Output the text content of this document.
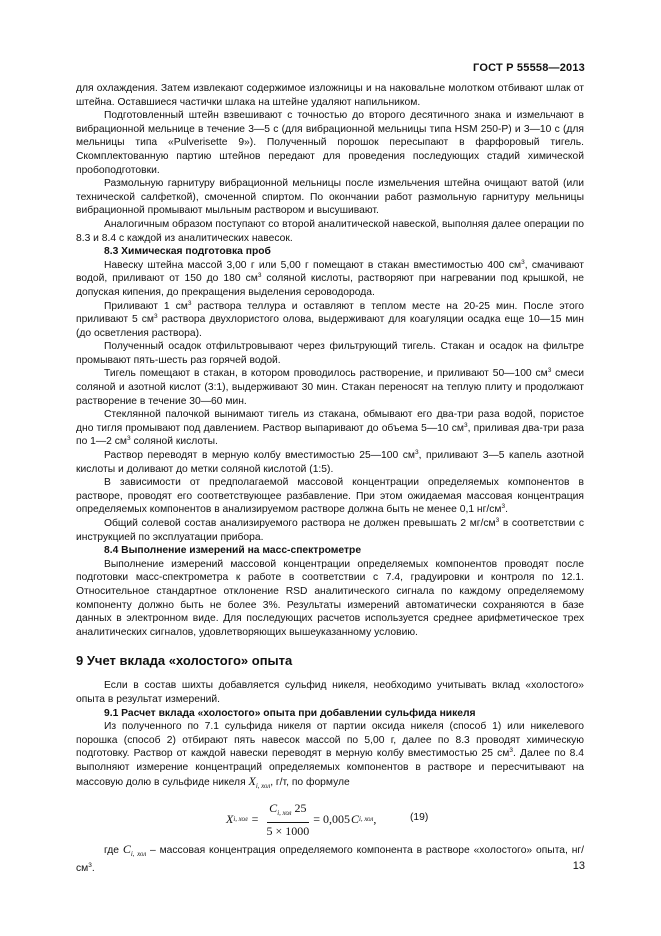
ГОСТ Р 55558—2013

для охлаждения. Затем извлекают содержимое изложницы и на наковальне молотком отбивают шлак от штейна. Оставшиеся частички шлака на штейне удаляют напильником.

Подготовленный штейн взвешивают с точностью до второго десятичного знака и измельчают в вибрационной мельнице в течение 3—5 с (для вибрационной мельницы типа HSM 250-P) и 3—10 с (для мельницы типа «Pulverisette 9»). Полученный порошок пересыпают в фарфоровый тигель. Скомплектованную партию штейнов передают для проведения последующих стадий химической пробоподготовки.

Размольную гарнитуру вибрационной мельницы после измельчения штейна очищают ватой (или технической салфеткой), смоченной спиртом. По окончании работ размольную гарнитуру мельницы вибрационной промывают мыльным раствором и высушивают.

Аналогичным образом поступают со второй аналитической навеской, выполняя далее операции по 8.3 и 8.4 с каждой из аналитических навесок.

8.3 Химическая подготовка проб

Навеску штейна массой 3,00 г или 5,00 г помещают в стакан вместимостью 400 $см^3$, смачивают водой, приливают от 150 до 180 $см^3$ соляной кислоты, растворяют при нагревании под крышкой, не допуская кипения, до прекращения выделения сероводорода.

Приливают 1 $см^3$ раствора теллура и оставляют в теплом месте на 20-25 мин. После этого приливают 5 $см^3$ раствора двухлористого олова, выдерживают для коагуляции осадка еще 10—15 мин (до осветления раствора).

Полученный осадок отфильтровывают через фильтрующий тигель. Стакан и осадок на фильтре промывают пять-шесть раз горячей водой.

Тигель помещают в стакан, в котором проводилось растворение, и приливают 50—100 $см^3$ смеси соляной и азотной кислот (3:1), выдерживают 30 мин. Стакан переносят на теплую плиту и продолжают растворение в течение 30—60 мин.

Стеклянной палочкой вынимают тигель из стакана, обмывают его два-три раза водой, пористое дно тигля промывают под давлением. Раствор выпаривают до объема 5—10 $см^3$, приливая два-три раза по 1—2 $см^3$ соляной кислоты.

Раствор переводят в мерную колбу вместимостью 25—100 $см^3$, приливают 3—5 капель азотной кислоты и доливают до метки соляной кислотой (1:5).

В зависимости от предполагаемой массовой концентрации определяемых компонентов в растворе, проводят его соответствующее разбавление. При этом ожидаемая массовая концентрация определяемых компонентов в анализируемом растворе должна быть не менее 0,1 $нг/см^3$.

Общий солевой состав анализируемого раствора не должен превышать 2 $мг/см^3$ в соответствии с инструкцией по эксплуатации прибора.

8.4 Выполнение измерений на масс-спектрометре

Выполнение измерений массовой концентрации определяемых компонентов проводят после подготовки масс-спектрометра к работе в соответствии с 7.4, градуировки и контроля по 12.1. Относительное стандартное отклонение RSD аналитического сигнала по каждому определяемому компоненту должно быть не более 3%. Результаты измерений автоматически сохраняются в базе данных в электронном виде. Для последующих расчетов используется среднее арифметическое трех аналитических сигналов, удовлетворяющих вышеуказанному условию.

9 Учет вклада «холостого» опыта

Если в состав шихты добавляется сульфид никеля, необходимо учитывать вклад «холостого» опыта в результат измерений.

9.1 Расчет вклада «холостого» опыта при добавлении сульфида никеля

Из полученного по 7.1 сульфида никеля от партии оксида никеля (способ 1) или никелевого порошка (способ 2) отбирают пять навесок массой по 5,00 г, далее по 8.3 проводят химическую подготовку. Раствор от каждой навески переводят в мерную колбу вместимостью 25 $см^3$. Далее по 8.4 выполняют измерение концентраций определяемых компонентов в растворе и пересчитывают на массовую долю в сульфиде никеля $X_{i, хол}$, г/т, по формуле

X i, хол = $\frac{C_{i, хол} 25}{5 \times 1000} = 0,005$ C i, хол ,	(19)

где $C_{i, хол}$ – массовая концентрация определяемого компонента в растворе «холостого» опыта, $нг/см^3$.	13
